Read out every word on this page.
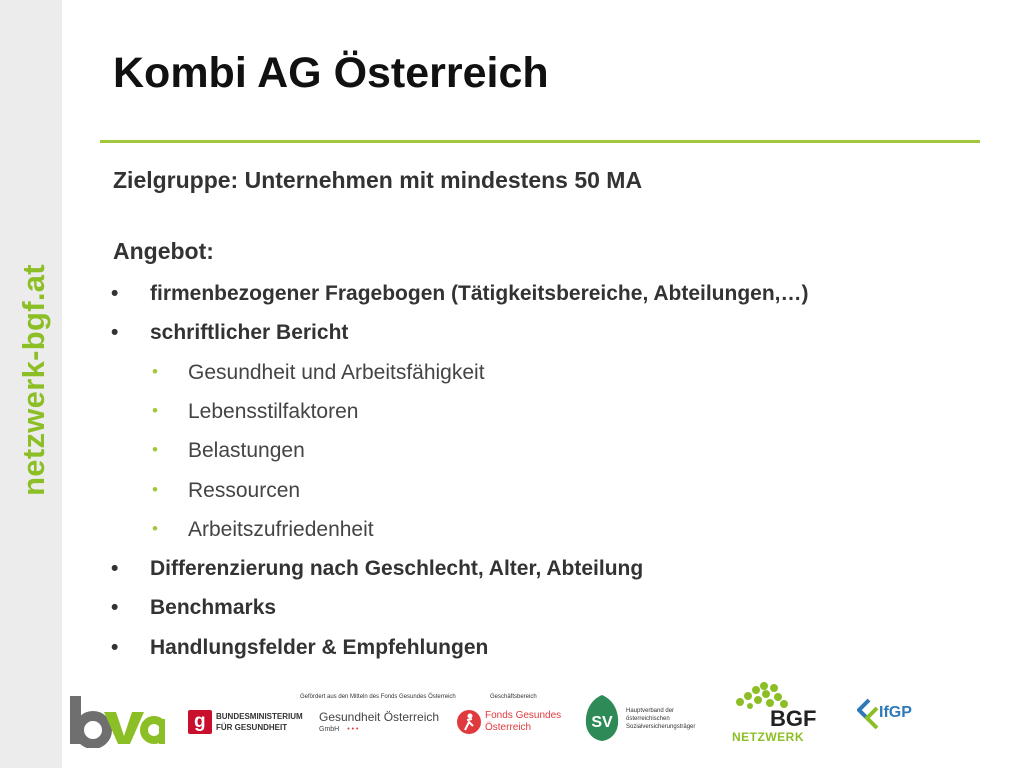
netzwerk-bgf.at
Kombi AG Österreich
Zielgruppe: Unternehmen mit mindestens 50 MA
Angebot:
• firmenbezogener Fragebogen (Tätigkeitsbereiche, Abteilungen,…)
• schriftlicher Bericht
• Gesundheit und Arbeitsfähigkeit
• Lebensstilfaktoren
• Belastungen
• Ressourcen
• Arbeitszufriedenheit
• Differenzierung nach Geschlecht, Alter, Abteilung
• Benchmarks
• Handlungsfelder & Empfehlungen
g BUNDESMINISTERIUM
FÜR GESUNDHEIT
Gefördert aus den Mitteln des Fonds Gesundes Österreich
Gesundheit Österreich
GmbH • • •
Geschäftsbereich
Fonds Gesundes
Österreich	SV
Hauptverband der
österreichischen
Sozialversicherungsträger	BGF
NETZWERK
IfGP
